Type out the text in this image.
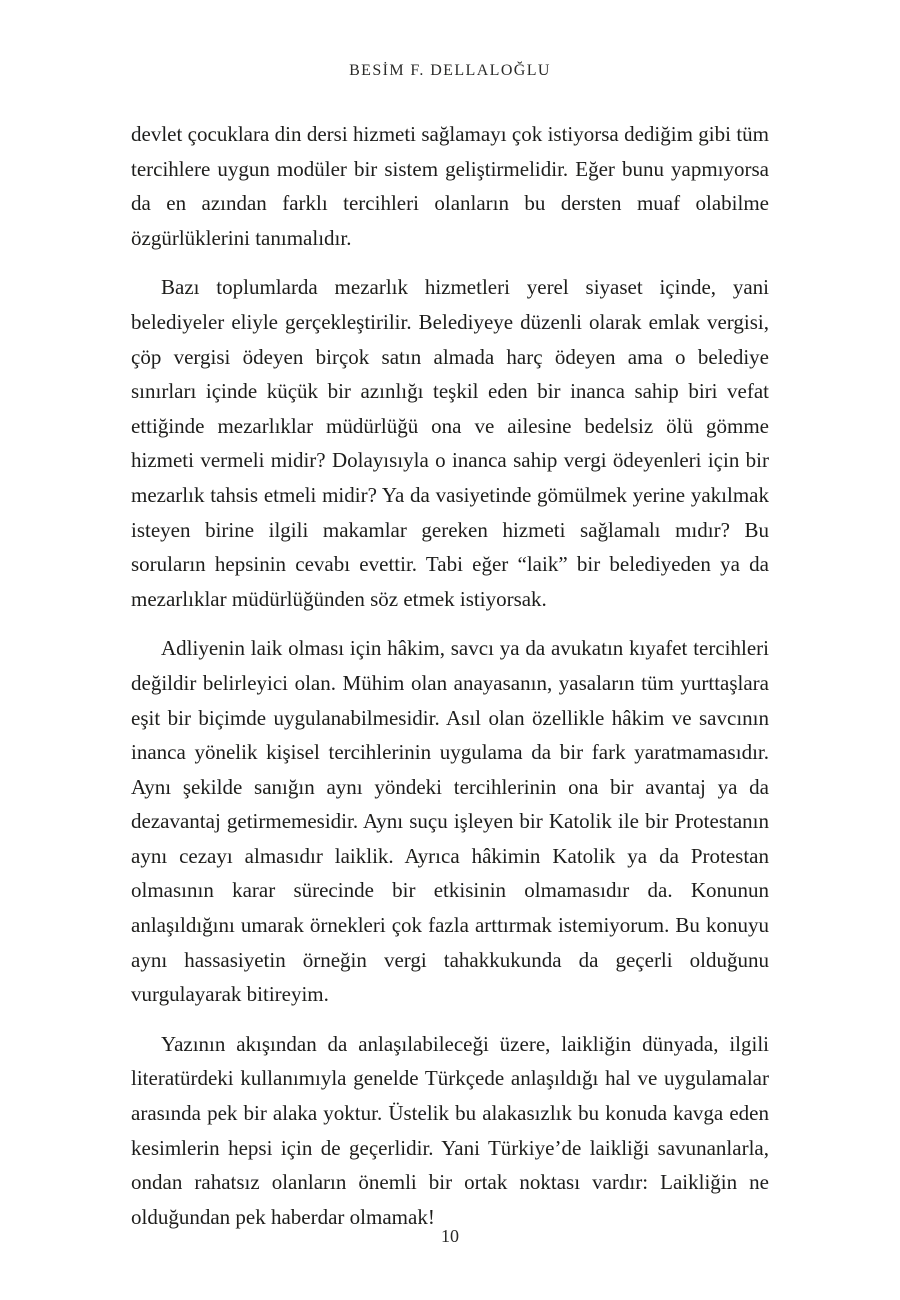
BESİM F. DELLALOĞLU

devlet çocuklara din dersi hizmeti sağlamayı çok istiyorsa dediğim gibi tüm tercihlere uygun modüler bir sistem geliştirmelidir. Eğer bunu yapmıyorsa da en azından farklı tercihleri olanların bu dersten muaf olabilme özgürlüklerini tanımalıdır.

Bazı toplumlarda mezarlık hizmetleri yerel siyaset içinde, yani belediyeler eliyle gerçekleştirilir. Belediyeye düzenli olarak emlak vergisi, çöp vergisi ödeyen birçok satın almada harç ödeyen ama o belediye sınırları içinde küçük bir azınlığı teşkil eden bir inanca sahip biri vefat ettiğinde mezarlıklar müdürlüğü ona ve ailesine bedelsiz ölü gömme hizmeti vermeli midir? Dolayısıyla o inanca sahip vergi ödeyenleri için bir mezarlık tahsis etmeli midir? Ya da vasiyetinde gömülmek yerine yakılmak isteyen birine ilgili makamlar gereken hizmeti sağlamalı mıdır? Bu soruların hepsinin cevabı evettir. Tabi eğer “laik” bir belediyeden ya da mezarlıklar müdürlüğünden söz etmek istiyorsak.

Adliyenin laik olması için hâkim, savcı ya da avukatın kıyafet tercihleri değildir belirleyici olan. Mühim olan anayasanın, yasaların tüm yurttaşlara eşit bir biçimde uygulanabilmesidir. Asıl olan özellikle hâkim ve savcının inanca yönelik kişisel tercihlerinin uygulama da bir fark yaratmamasıdır. Aynı şekilde sanığın aynı yöndeki tercihlerinin ona bir avantaj ya da dezavantaj getirmemesidir. Aynı suçu işleyen bir Katolik ile bir Protestanın aynı cezayı almasıdır laiklik. Ayrıca hâkimin Katolik ya da Protestan olmasının karar sürecinde bir etkisinin olmamasıdır da. Konunun anlaşıldığını umarak örnekleri çok fazla arttırmak istemiyorum. Bu konuyu aynı hassasiyetin örneğin vergi tahakkukunda da geçerli olduğunu vurgulayarak bitireyim.

Yazının akışından da anlaşılabileceği üzere, laikliğin dünyada, ilgili literatürdeki kullanımıyla genelde Türkçede anlaşıldığı hal ve uygulamalar arasında pek bir alaka yoktur. Üstelik bu alakasızlık bu konuda kavga eden kesimlerin hepsi için de geçerlidir. Yani Türkiye’de laikliği savunanlarla, ondan rahatsız olanların önemli bir ortak noktası vardır: Laikliğin ne olduğundan pek haberdar olmamak!

10
